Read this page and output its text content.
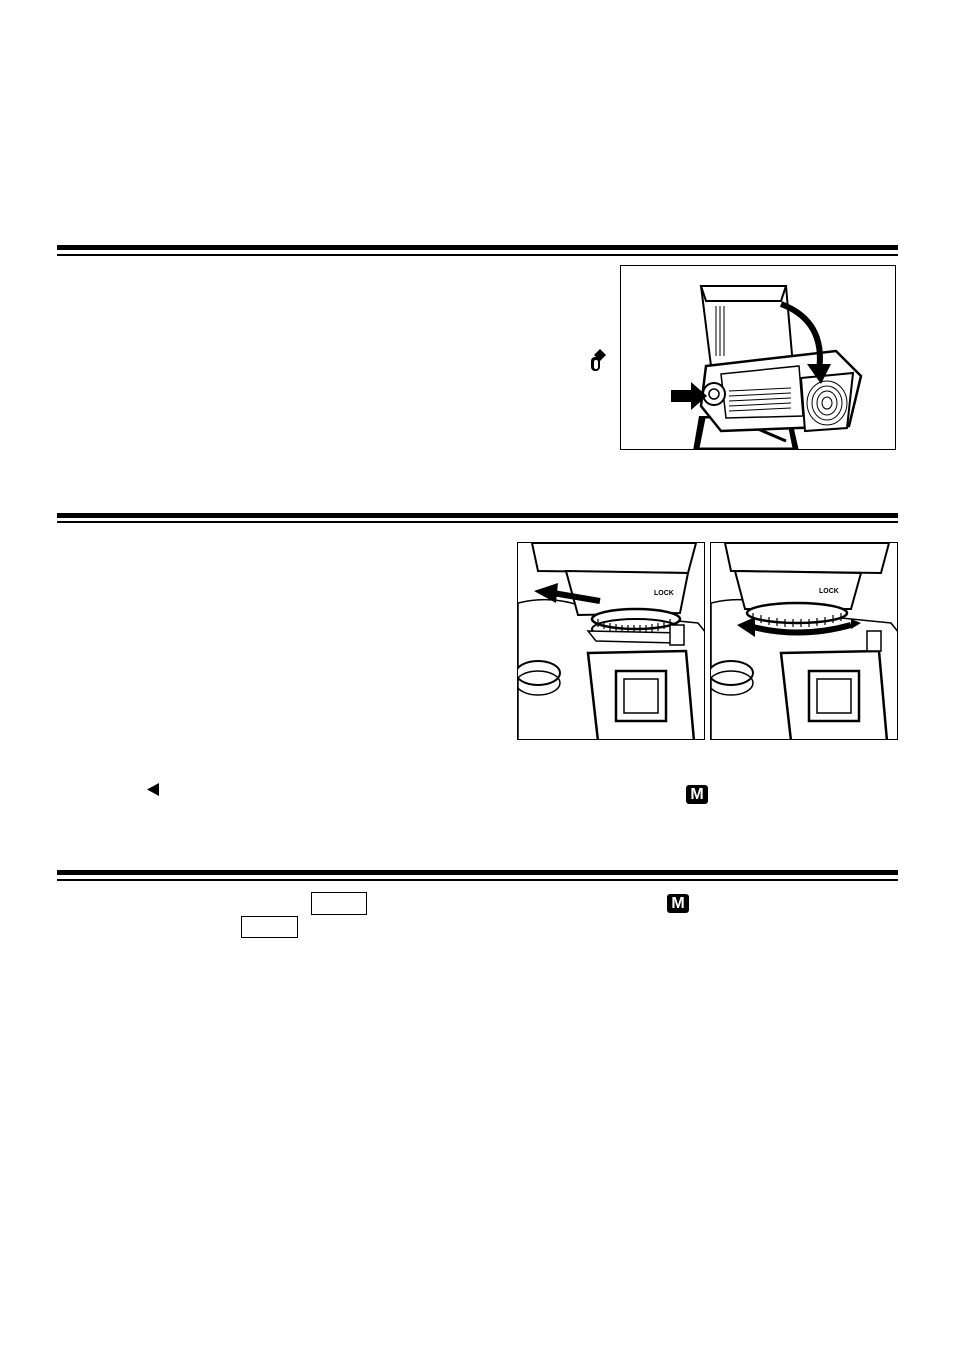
LOCK	LOCK
M
M
